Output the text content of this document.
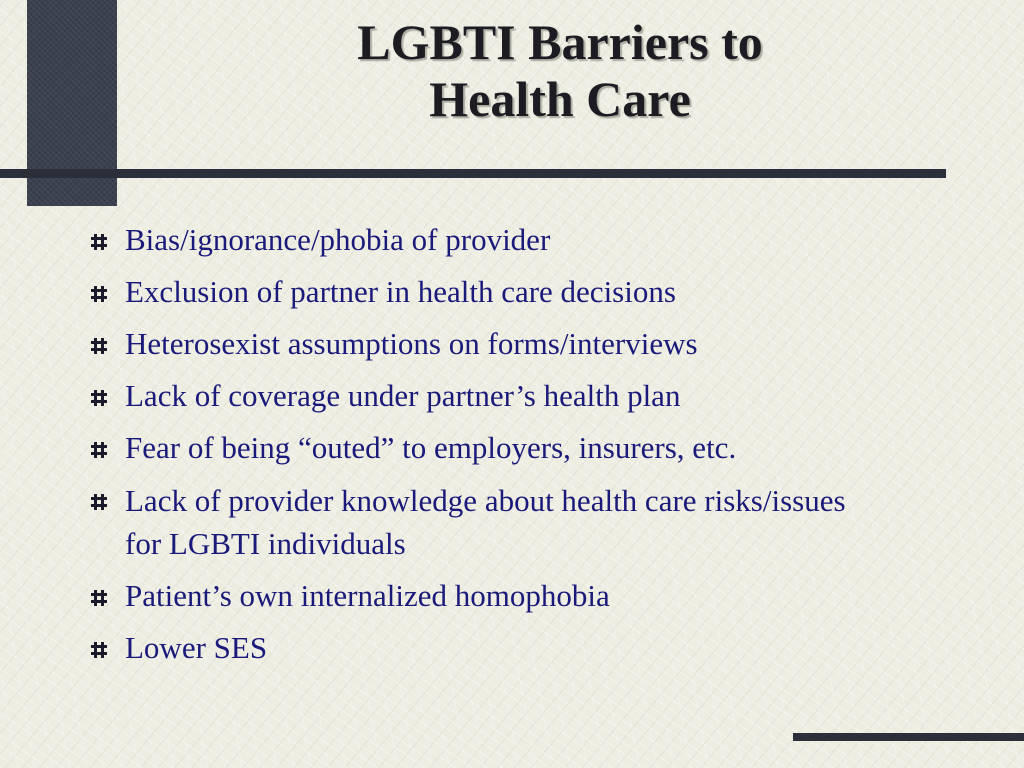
LGBTI Barriers to
Health Care
Bias/ignorance/phobia of provider
Exclusion of partner in health care decisions
Heterosexist assumptions on forms/interviews
Lack of coverage under partner’s health plan
Fear of being “outed” to employers, insurers, etc.
Lack of provider knowledge about health care risks/issues for LGBTI individuals
Patient’s own internalized homophobia
Lower SES
